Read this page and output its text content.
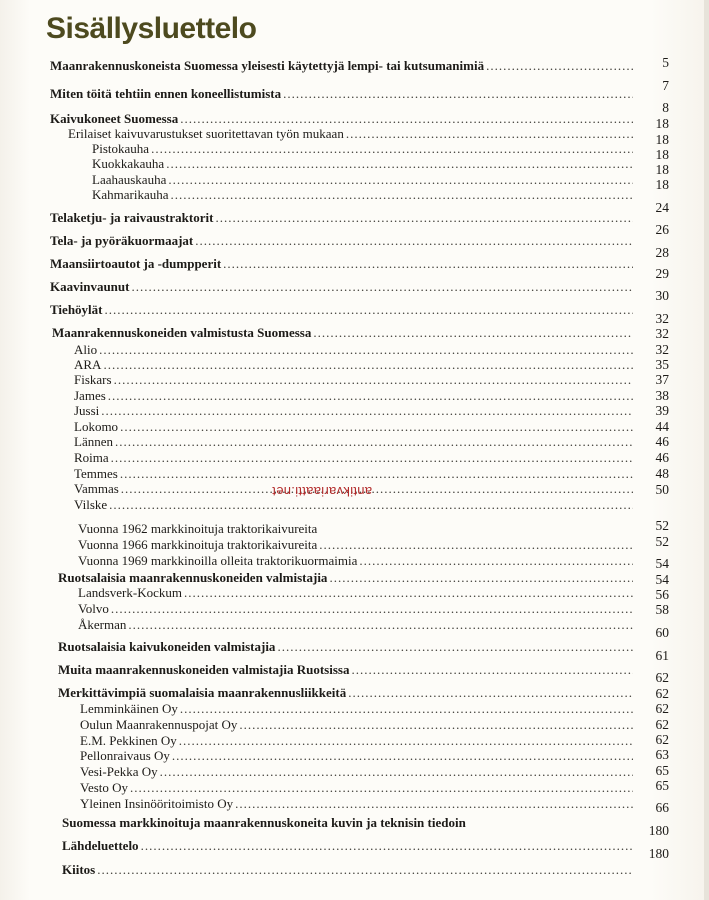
Sisällysluettelo
Maanrakennuskoneista Suomessa yleisesti käytettyjä lempi- tai kutsumanimiä
.....
Miten töitä tehtiin ennen koneellistumista
.....
Kaivukoneet Suomessa
.....
Erilaiset kaivuvarustukset suoritettavan työn mukaan
.....
Pistokauha
.....
Kuokkakauha
.....
Laahauskauha
.....
Kahmarikauha
.....
Telaketju- ja raivaustraktorit
.....
Tela- ja pyöräkuormaajat
.....
Maansiirtoautot ja -dumpperit
.....
Kaavinvaunut
.....
Tiehöylät
.....
Maanrakennuskoneiden valmistusta Suomessa
.....
Alio
.....
ARA
.....
Fiskars
.....
James
.....
Jussi
.....
Lokomo
.....
Lännen
.....
Roima
.....
Temmes
.....
Vammas
.....
Vilske
.....
Vuonna 1962 markkinoituja traktorikaivureita
Vuonna 1966 markkinoituja traktorikaivureita
.....
Vuonna 1969 markkinoilla olleita traktorikuormaimia
.....
Ruotsalaisia maanrakennuskoneiden valmistajia
.....
Landsverk-Kockum
.....
Volvo
.....
Åkerman
.....
Ruotsalaisia kaivukoneiden valmistajia
.....
Muita maanrakennuskoneiden valmistajia Ruotsissa
.....
Merkittävimpiä suomalaisia maanrakennusliikkeitä
.....
Lemminkäinen Oy
.....
Oulun Maanrakennuspojat Oy
.....
E.M. Pekkinen Oy
.....
Pellonraivaus Oy
.....
Vesi-Pekka Oy
.....
Vesto Oy
.....
Yleinen Insinööritoimisto Oy
.....
Suomessa markkinoituja maanrakennuskoneita kuvin ja teknisin tiedoin
Lähdeluettelo
.....
Kiitos
.....
5
7
8
18
18
18
18
18
24
26
28
29
30
32
32
32
35
37
38
39
44
46
46
48
50
52
52
54
54
56
58
60
61
62
62
62
62
62
63
65
65
66
180
180
antikvariaatti.net
